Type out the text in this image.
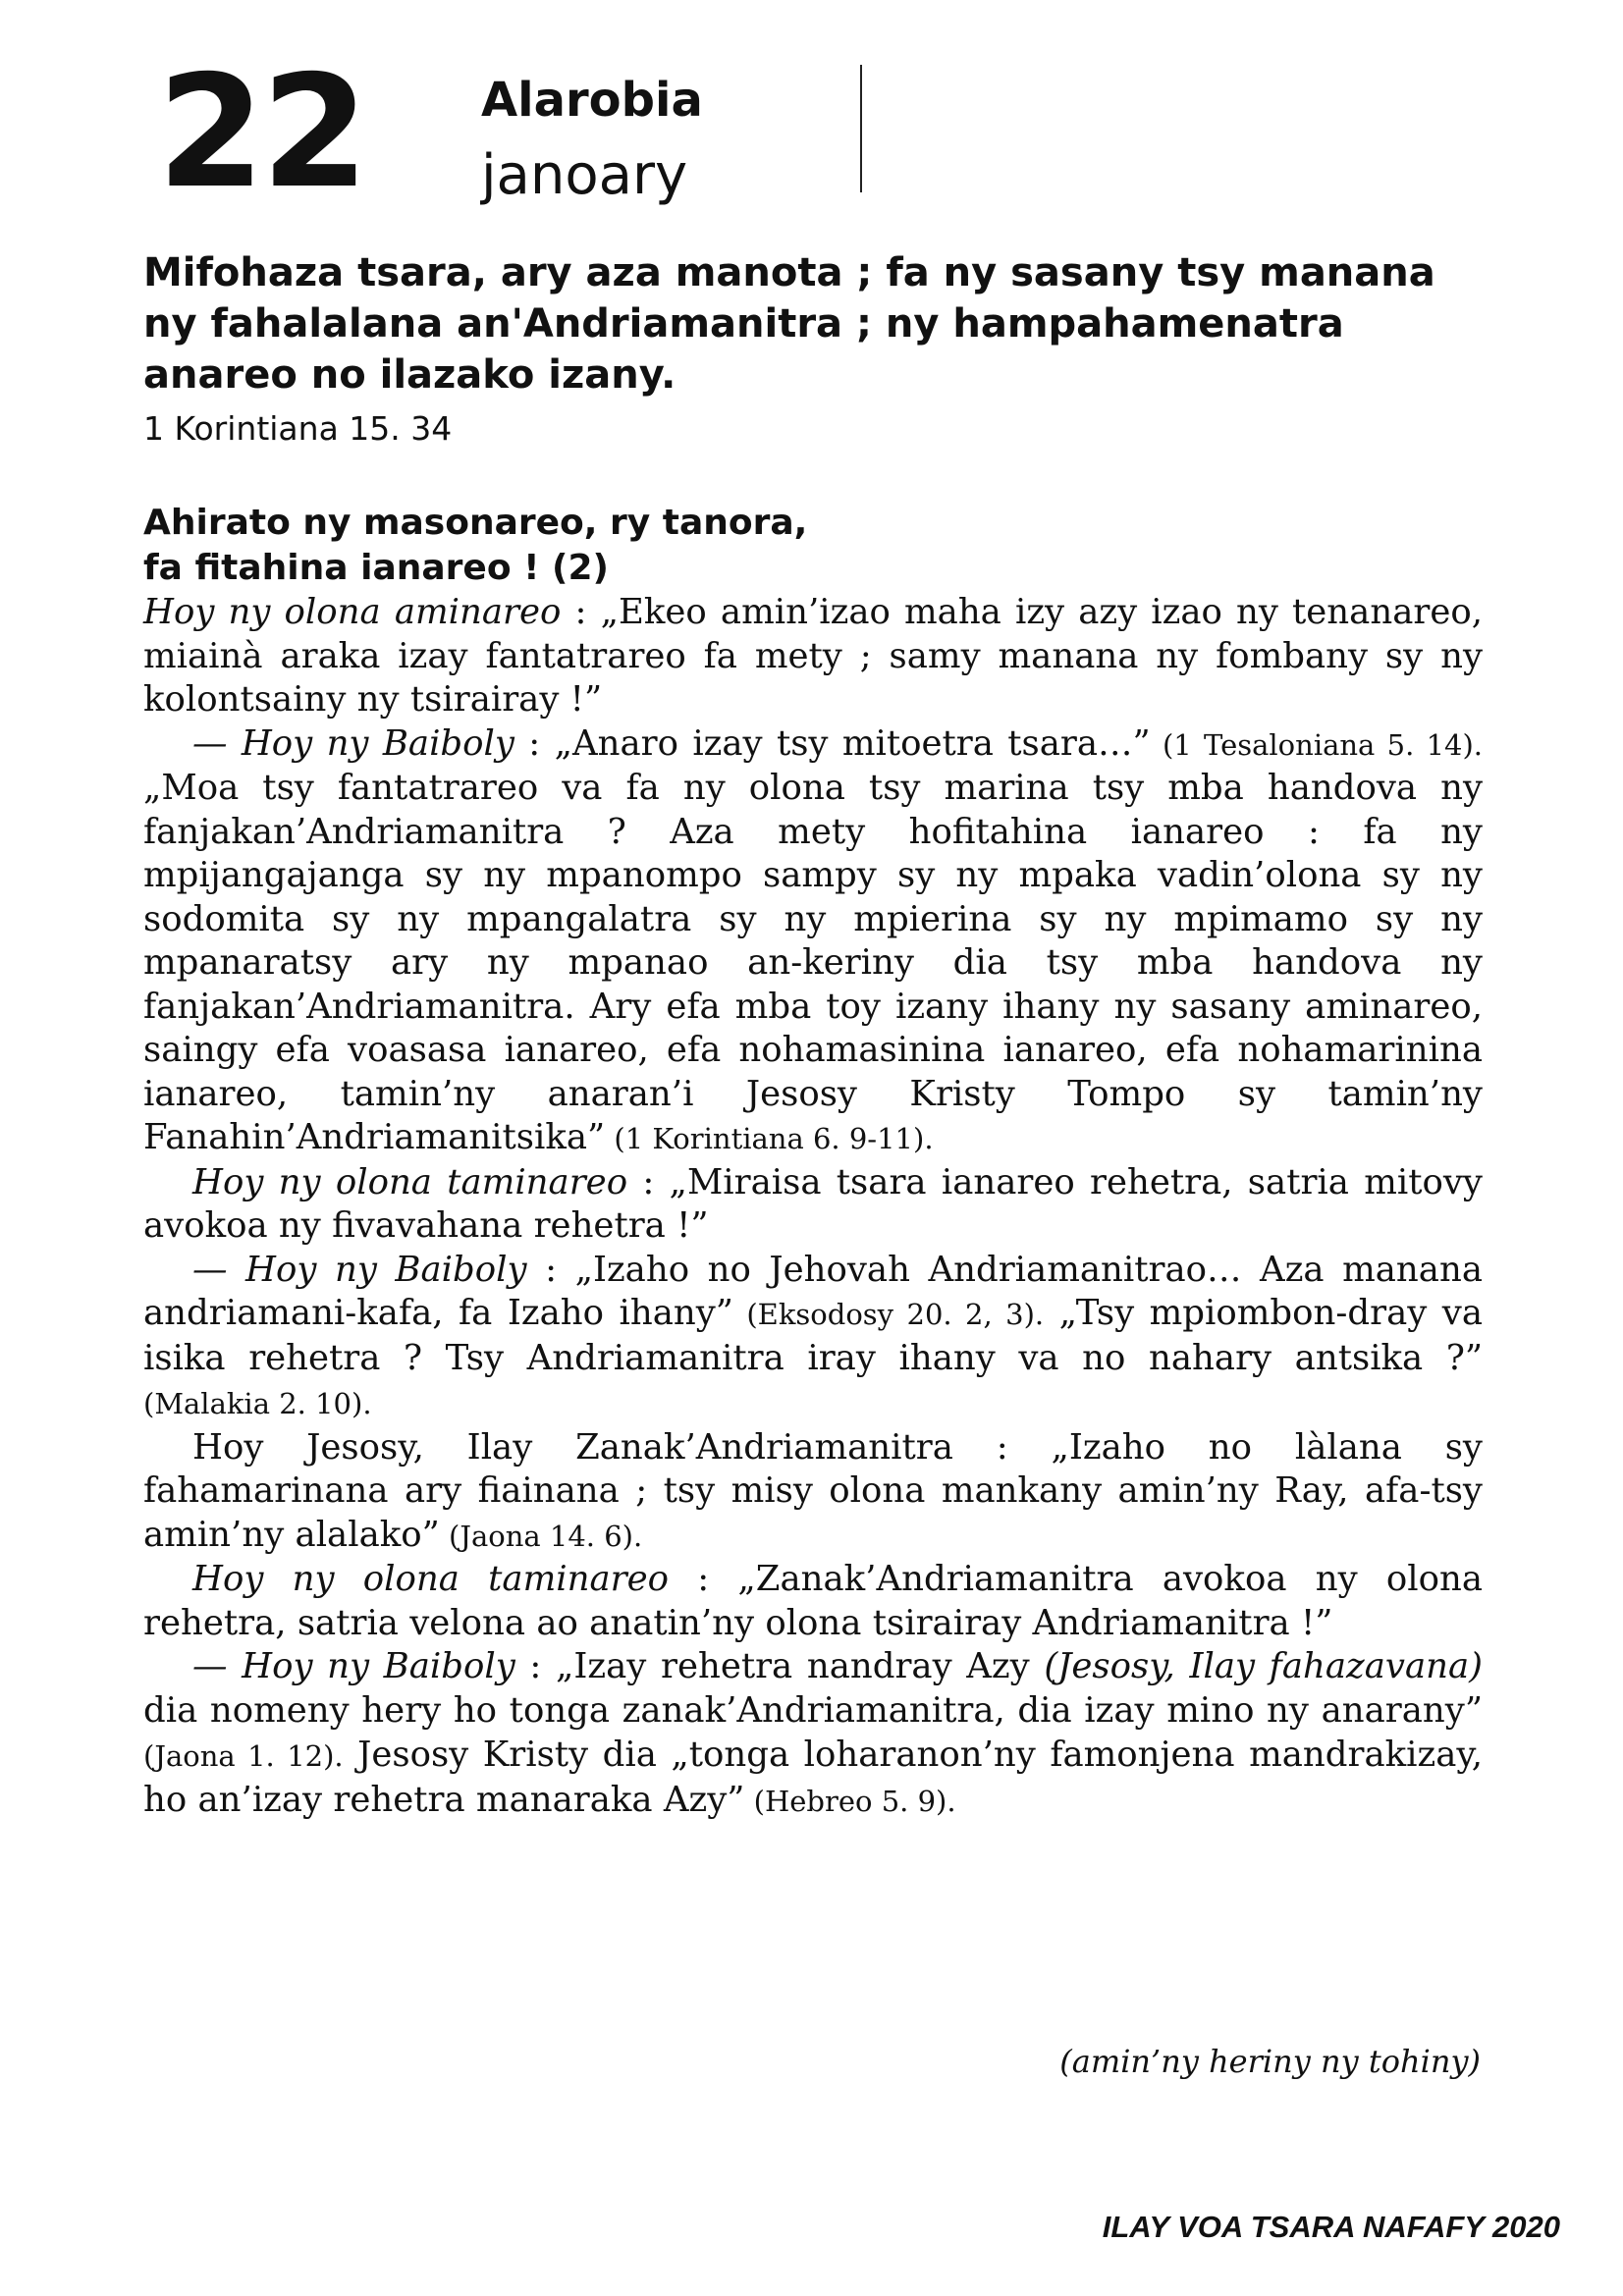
22 Alarobia
janoary
Mifohaza tsara, ary aza manota ; fa ny sasany tsy manana ny fahalalana an'Andriamanitra ; ny hampahamenatra anareo no ilazako izany.
1 Korintiana 15. 34
Ahirato ny masonareo, ry tanora,
fa fitahina ianareo ! (2)

Hoy ny olona aminareo : „Ekeo amin’izao maha izy azy izao ny tenanareo, miainà araka izay fantatrareo fa mety ; samy manana ny fombany sy ny kolontsainy ny tsirairay !”

— Hoy ny Baiboly : „Anaro izay tsy mitoetra tsara…” (1 Tesaloniana 5. 14). „Moa tsy fantatrareo va fa ny olona tsy marina tsy mba handova ny fanjakan’Andriamanitra ? Aza mety hofitahina ianareo : fa ny mpijangajanga sy ny mpanompo sampy sy ny mpaka vadin’olona sy ny sodomita sy ny mpangalatra sy ny mpierina sy ny mpimamo sy ny mpanaratsy ary ny mpanao an-keriny dia tsy mba handova ny fanjakan’Andriamanitra. Ary efa mba toy izany ihany ny sasany aminareo, saingy efa voasasa ianareo, efa nohamasinina ianareo, efa nohamarinina ianareo, tamin’ny anaran’i Jesosy Kristy Tompo sy tamin’ny Fanahin’Andriamanitsika” (1 Korintiana 6. 9-11).

Hoy ny olona taminareo : „Miraisa tsara ianareo rehetra, satria mitovy avokoa ny fivavahana rehetra !”

— Hoy ny Baiboly : „Izaho no Jehovah Andriamanitrao… Aza manana andriamani-kafa, fa Izaho ihany” (Eksodosy 20. 2, 3). „Tsy mpiombon-dray va isika rehetra ? Tsy Andriamanitra iray ihany va no nahary antsika ?” (Malakia 2. 10).

Hoy Jesosy, Ilay Zanak’Andriamanitra : „Izaho no làlana sy fahamarinana ary fiainana ; tsy misy olona mankany amin’ny Ray, afa-tsy amin’ny alalako” (Jaona 14. 6).

Hoy ny olona taminareo : „Zanak’Andriamanitra avokoa ny olona rehetra, satria velona ao anatin’ny olona tsirairay Andriamanitra !”

— Hoy ny Baiboly : „Izay rehetra nandray Azy (Jesosy, Ilay fahazavana) dia nomeny hery ho tonga zanak’Andriamanitra, dia izay mino ny anarany” (Jaona 1. 12). Jesosy Kristy dia „tonga loharanon’ny famonjena mandrakizay, ho an’izay rehetra manaraka Azy” (Hebreo 5. 9).

(amin’ny heriny ny tohiny)
ILAY VOA TSARA NAFAFY 2020
